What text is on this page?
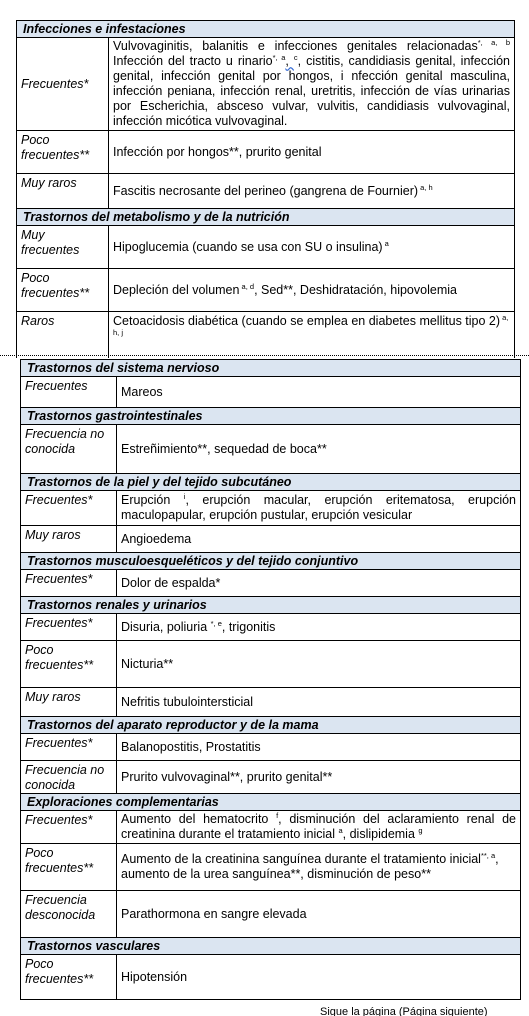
Infecciones e infestaciones	
Frecuentes*	Vulvovaginitis, balanitis e infecciones genitales relacionadas$^{*, a, b}$ Infección del tracto u rinario$^{*, a}$, $^c$, cistitis, candidiasis genital, infección genital, infección genital por hongos, i nfección genital masculina, infección peniana, infección renal, uretritis, infección de vías urinarias por Escherichia, absceso vulvar, vulvitis, candidiasis vulvovaginal, infección micótica vulvovaginal.
Poco frecuentes**	Infección por hongos**, prurito genital
Muy raros	Fascitis necrosante del perineo (gangrena de Fournier) $^{a, h}$
Trastornos del metabolismo y de la nutrición	
Muy frecuentes	Hipoglucemia (cuando se usa con SU o insulina) $^a$
Poco frecuentes**	Depleción del volumen $^{a, d}$, Sed**, Deshidratación, hipovolemia
Raros	Cetoacidosis diabética (cuando se emplea en diabetes mellitus tipo 2) $^{a, h, j}$
Trastornos del sistema nervioso	
Frecuentes	Mareos
Trastornos gastrointestinales	
Frecuencia no conocida	Estreñimiento**, sequedad de boca**
Trastornos de la piel y del tejido subcutáneo	
Frecuentes*	Erupción $^i$, erupción macular, erupción eritematosa, erupción maculopapular, erupción pustular, erupción vesicular
Muy raros	Angioedema
Trastornos musculoesqueléticos y del tejido conjuntivo	
Frecuentes*	Dolor de espalda*
Trastornos renales y urinarios	
Frecuentes*	Disuria, poliuria $^{*, e}$, trigonitis
Poco frecuentes**	Nicturia**
Muy raros	Nefritis tubulointersticial
Trastornos del aparato reproductor y de la mama	
Frecuentes*	Balanopostitis, Prostatitis
Frecuencia no conocida	Prurito vulvovaginal**, prurito genital**
Exploraciones complementarias	
Frecuentes*	Aumento del hematocrito $^f$, disminución del aclaramiento renal de creatinina durante el tratamiento inicial $^a$, dislipidemia $^g$
Poco frecuentes**	Aumento de la creatinina sanguínea durante el tratamiento inicial$^{**, a}$, aumento de la urea sanguínea**, disminución de peso**
Frecuencia desconocida	Parathormona en sangre elevada
Trastornos vasculares	
Poco frecuentes**	Hipotensión
Sigue la página (Página siguiente)
